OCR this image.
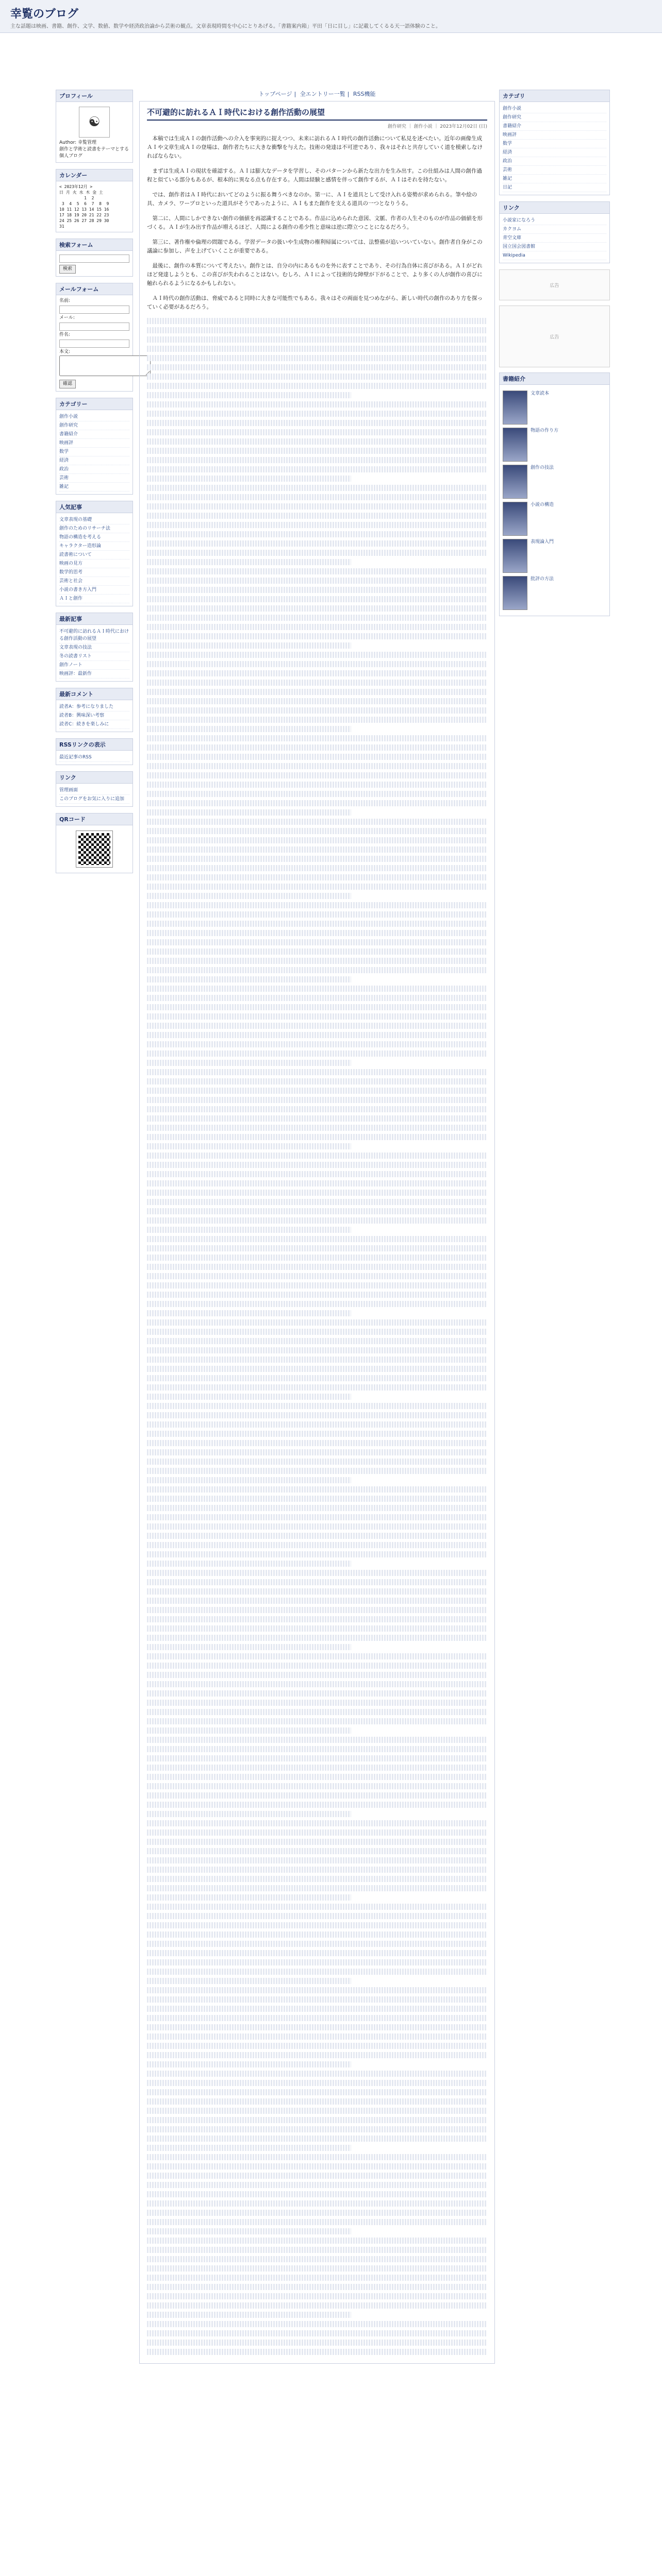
幸覧のブログ
主な話題は映画、書籍、創作、文学、数値、数学や経済政治論から芸術の観点。文章表現時間を中心にとりあげる。「書籍案内箱」平田「日に目し」に記載してくるる天一語体験のこと。
プロフィール
☯
Author: 幸覧管理
創作と学術と読書をテーマとする個人ブログ
カレンダー
< 2023年12月 >
日 月 火 水 木 金 土
1  2
3  4  5  6  7  8  9
10 11 12 13 14 15 16
17 18 19 20 21 22 23
24 25 26 27 28 29 30
31
検索フォーム
検索
メールフォーム
名前:
メール:
件名:
本文:
確認
カテゴリー
創作小説
創作研究
書籍紹介
映画評
数学
経済
政治
芸術
雑記
人気記事
文章表現の基礎
創作のためのリサーチ法
物語の構造を考える
キャラクター造形論
読書術について
映画の見方
数学的思考
芸術と社会
小説の書き方入門
ＡＩと創作
最新記事
不可避的に訪れるＡＩ時代における創作活動の展望
文章表現の技法
冬の読書リスト
創作ノート
映画評：最新作
最新コメント
読者A：参考になりました
読者B：興味深い考察
読者C：続きを楽しみに
RSSリンクの表示
最近記事のRSS
リンク
管理画面
このブログをお気に入りに追加
QRコード
トップページ | 全エントリー一覧 | RSS機能
不可避的に訪れるＡＩ時代における創作活動の展望
創作研究 ｜ 創作小説 ｜ 2023年12月02日 (日)

本稿では生成ＡＩの創作活動への介入を事実的に捉えつつ、未来に訪れるＡＩ時代の創作活動について私見を述べたい。近年の画像生成ＡＩや文章生成ＡＩの登場は、創作者たちに大きな衝撃を与えた。技術の発達は不可逆であり、我々はそれと共存していく道を模索しなければならない。

まずは生成ＡＩの現状を確認する。ＡＩは膨大なデータを学習し、そのパターンから新たな出力を生み出す。この仕組みは人間の創作過程と似ている部分もあるが、根本的に異なる点も存在する。人間は経験と感情を伴って創作するが、ＡＩはそれを持たない。

では、創作者はＡＩ時代においてどのように振る舞うべきなのか。第一に、ＡＩを道具として受け入れる姿勢が求められる。筆や絵の具、カメラ、ワープロといった道具がそうであったように、ＡＩもまた創作を支える道具の一つとなりうる。

第二に、人間にしかできない創作の価値を再認識することである。作品に込められた意図、文脈、作者の人生そのものが作品の価値を形づくる。ＡＩが生み出す作品が増えるほど、人間による創作の希少性と意味は逆に際立つことになるだろう。

第三に、著作権や倫理の問題である。学習データの扱いや生成物の権利帰属については、法整備が追いついていない。創作者自身がこの議論に参加し、声を上げていくことが重要である。

最後に、創作の本質について考えたい。創作とは、自分の内にあるものを外に表すことであり、その行為自体に喜びがある。ＡＩがどれほど発達しようとも、この喜びが失われることはない。むしろ、ＡＩによって技術的な障壁が下がることで、より多くの人が創作の喜びに触れられるようになるかもしれない。

ＡＩ時代の創作活動は、脅威であると同時に大きな可能性でもある。我々はその両面を見つめながら、新しい時代の創作のあり方を探っていく必要があるだろう。

カテゴリ
創作小説
創作研究
書籍紹介
映画評
数学
経済
政治
芸術
雑記
日記
リンク
小説家になろう
カクヨム
青空文庫
国立国会図書館
Wikipedia
広告
広告
書籍紹介
文章読本
物語の作り方
創作の技法
小説の構造
表現論入門
批評の方法
